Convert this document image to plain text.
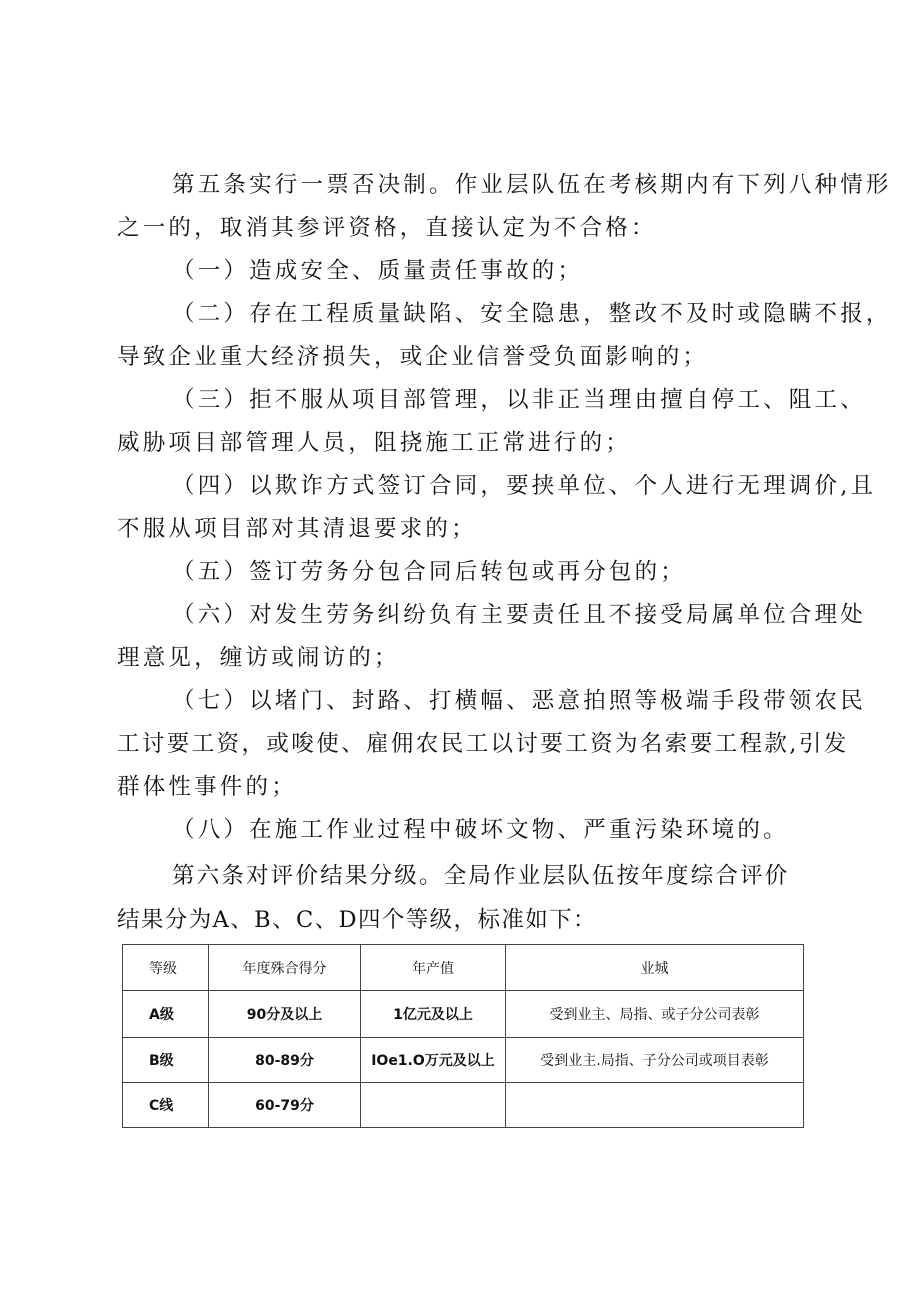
第五条实行一票否决制。作业层队伍在考核期内有下列八种情形
之一的，取消其参评资格，直接认定为不合格：
（一）造成安全、质量责任事故的；
（二）存在工程质量缺陷、安全隐患，整改不及时或隐瞒不报，
导致企业重大经济损失，或企业信誉受负面影响的；
（三）拒不服从项目部管理，以非正当理由擅自停工、阻工、
威胁项目部管理人员，阻挠施工正常进行的；
（四）以欺诈方式签订合同，要挟单位、个人进行无理调价,且
不服从项目部对其清退要求的；
（五）签订劳务分包合同后转包或再分包的；
（六）对发生劳务纠纷负有主要责任且不接受局属单位合理处
理意见，缠访或闹访的；
（七）以堵门、封路、打横幅、恶意拍照等极端手段带领农民
工讨要工资，或唆使、雇佣农民工以讨要工资为名索要工程款,引发
群体性事件的；
（八）在施工作业过程中破坏文物、严重污染环境的。
第六条对评价结果分级。全局作业层队伍按年度综合评价
结果分为A、B、C、D四个等级，标准如下：
等级	年度殊合得分	年产值	业城
A级	90分及以上	1亿元及以上	受到业主、局指、或子分公司表彰
B级	80-89分	IOe1.O万元及以上	受到业主.局指、子分公司或项目表彰
C线	60-79分		
